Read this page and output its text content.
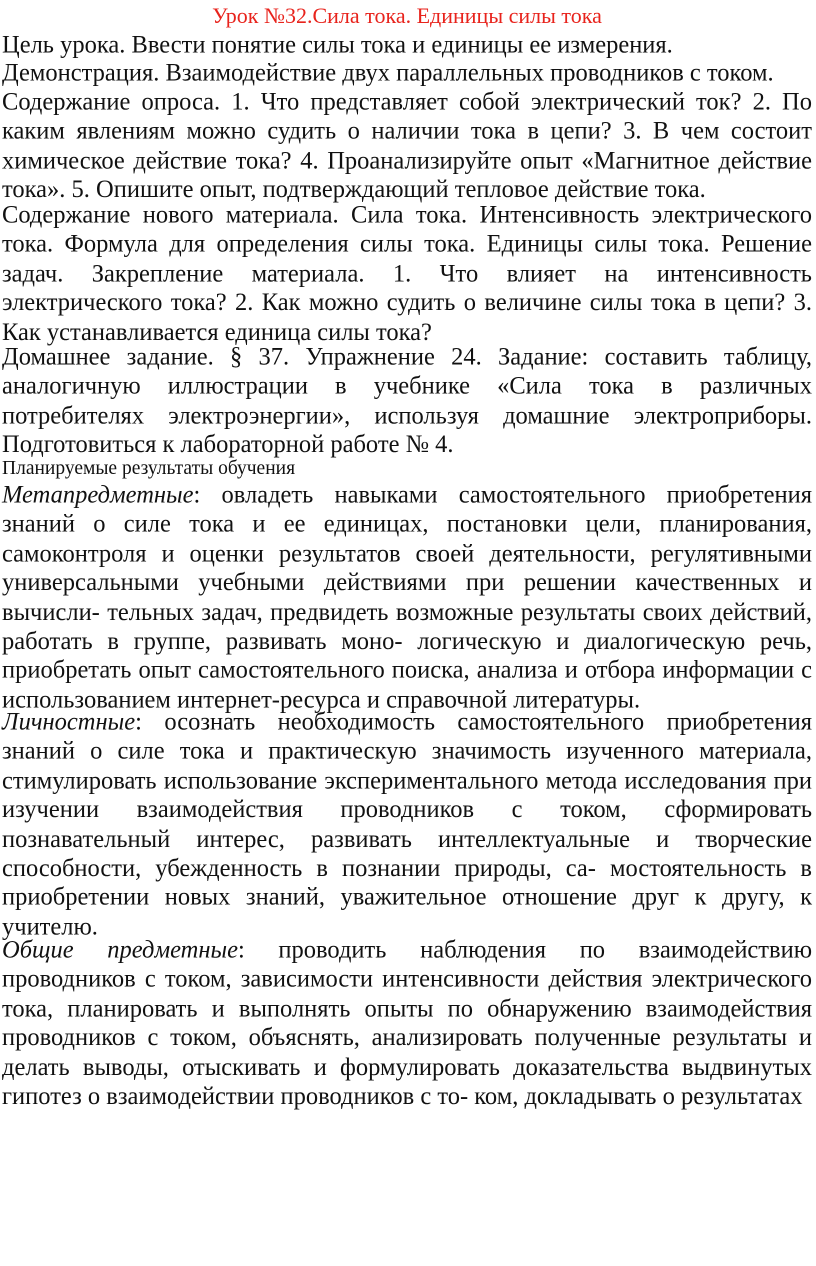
Урок №32.Сила тока. Единицы силы тока

Цель урока. Ввести понятие силы тока и единицы ее измерения.

Демонстрация. Взаимодействие двух параллельных проводников с током.

Содержание опроса. 1. Что представляет собой электрический ток? 2. По каким явлениям можно судить о наличии тока в цепи? 3. В чем состоит химическое действие тока? 4. Проанализируйте опыт «Магнитное действие тока». 5. Опишите опыт, подтверждающий тепловое действие тока.

Содержание нового материала. Сила тока. Интенсивность электрического тока. Формула для определения силы тока. Единицы силы тока. Решение задач. Закрепление материала. 1. Что влияет на интенсивность электрического тока? 2. Как можно судить о величине силы тока в цепи? 3. Как устанавливается единица силы тока?

Домашнее задание. § 37. Упражнение 24. Задание: составить таблицу, аналогичную иллюстрации в учебнике «Сила тока в различных потребителях электроэнергии», используя домашние электроприборы. Подготовиться к лабораторной работе № 4.

Планируемые результаты обучения

Метапредметные: овладеть навыками самостоятельного приобретения знаний о силе тока и ее единицах, постановки цели, планирования, самоконтроля и оценки результатов своей деятельности, регулятивными универсальными учебными действиями при решении качественных и вычисли- тельных задач, предвидеть возможные результаты своих действий, работать в группе, развивать моно- логическую и диалогическую речь, приобретать опыт самостоятельного поиска, анализа и отбора информации с использованием интернет-ресурса и справочной литературы.

Личностные: осознать необходимость самостоятельного приобретения знаний о силе тока и практическую значимость изученного материала, стимулировать использование экспериментального метода исследования при изучении взаимодействия проводников с током, сформировать познавательный интерес, развивать интеллектуальные и творческие способности, убежденность в познании природы, са- мостоятельность в приобретении новых знаний, уважительное отношение друг к другу, к учителю.

Общие предметные: проводить наблюдения по взаимодействию проводников с током, зависимости интенсивности действия электрического тока, планировать и выполнять опыты по обнаружению взаимодействия проводников с током, объяснять, анализировать полученные результаты и делать выводы, отыскивать и формулировать доказательства выдвинутых гипотез о взаимодействии проводников с то- ком, докладывать о результатах
